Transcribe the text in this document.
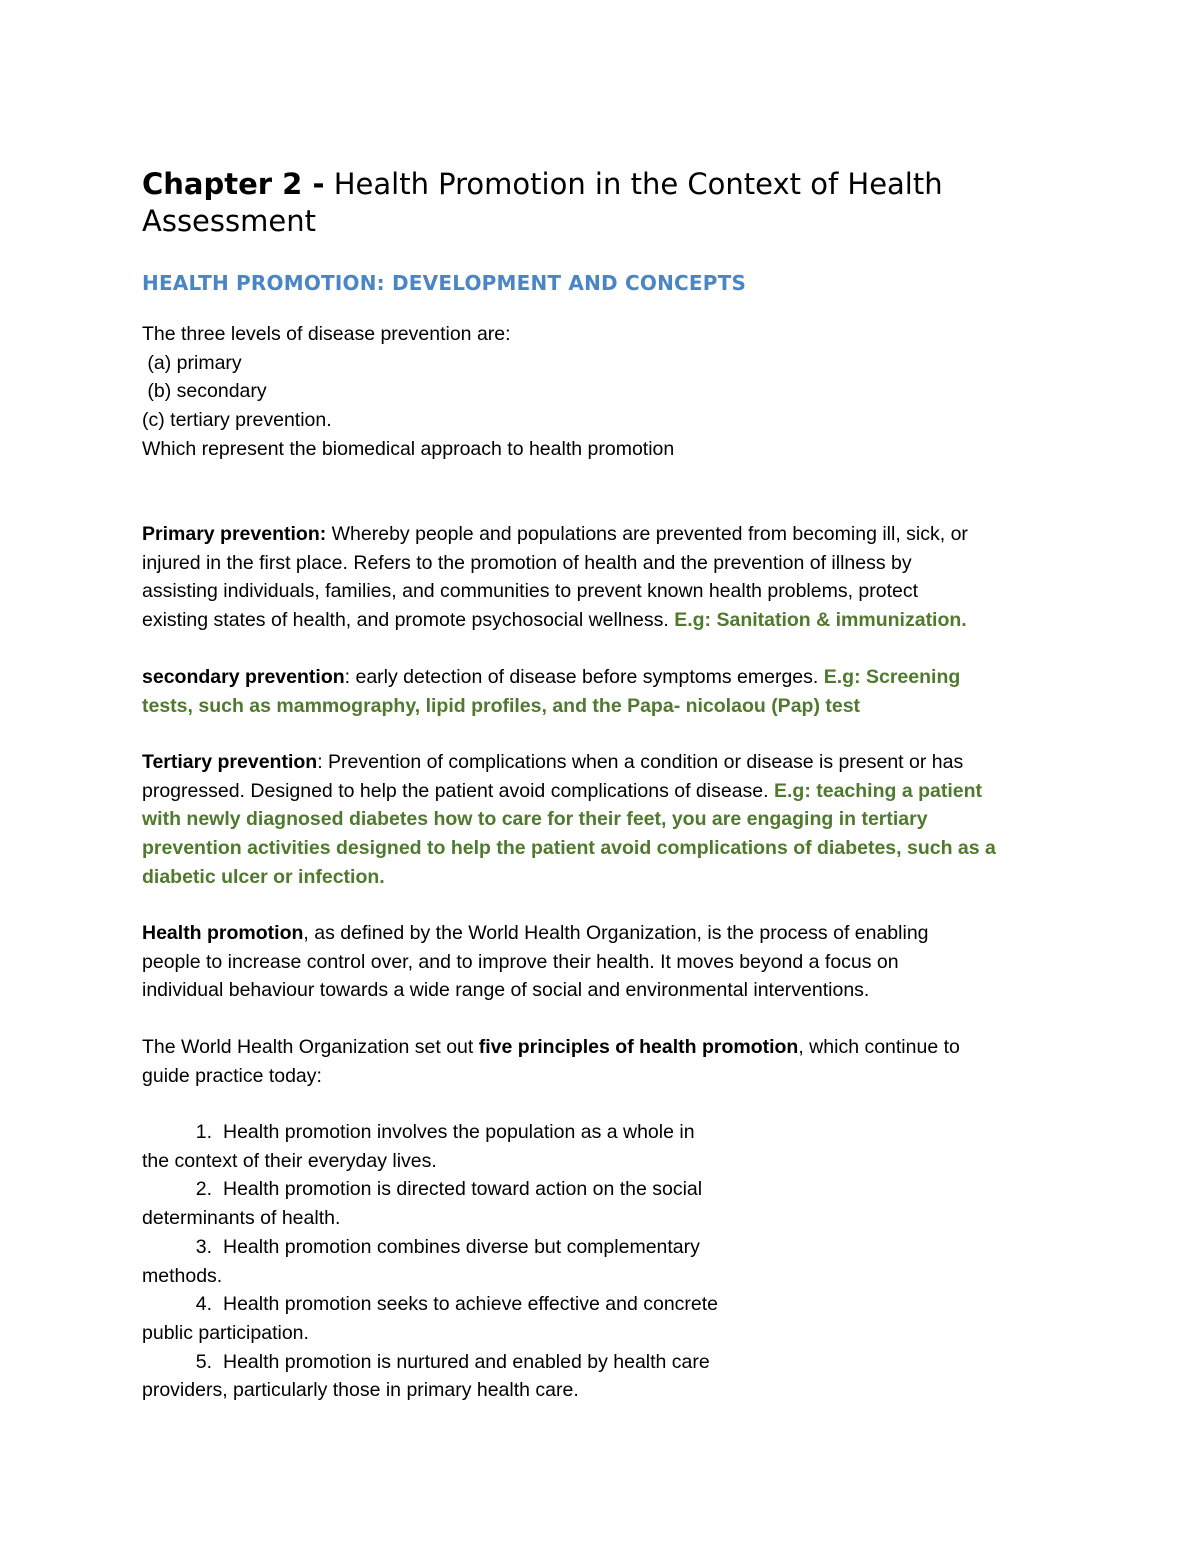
Chapter 2 - Health Promotion in the Context of Health
Assessment
HEALTH PROMOTION: DEVELOPMENT AND CONCEPTS
The three levels of disease prevention are:
(a) primary
(b) secondary
(c) tertiary prevention.
Which represent the biomedical approach to health promotion
Primary prevention: Whereby people and populations are prevented from becoming ill, sick, or
injured in the first place. Refers to the promotion of health and the prevention of illness by
assisting individuals, families, and communities to prevent known health problems, protect
existing states of health, and promote psychosocial wellness. E.g: Sanitation & immunization.
secondary prevention: early detection of disease before symptoms emerges. E.g: Screening
tests, such as mammography, lipid profiles, and the Papa- nicolaou (Pap) test
Tertiary prevention: Prevention of complications when a condition or disease is present or has
progressed. Designed to help the patient avoid complications of disease. E.g: teaching a patient
with newly diagnosed diabetes how to care for their feet, you are engaging in tertiary
prevention activities designed to help the patient avoid complications of diabetes, such as a
diabetic ulcer or infection.
Health promotion, as defined by the World Health Organization, is the process of enabling
people to increase control over, and to improve their health. It moves beyond a focus on
individual behaviour towards a wide range of social and environmental interventions.
The World Health Organization set out five principles of health promotion, which continue to
guide practice today:
1. Health promotion involves the population as a whole in
the context of their everyday lives.
2. Health promotion is directed toward action on the social
determinants of health.
3. Health promotion combines diverse but complementary
methods.
4. Health promotion seeks to achieve effective and concrete
public participation.
5. Health promotion is nurtured and enabled by health care
providers, particularly those in primary health care.
